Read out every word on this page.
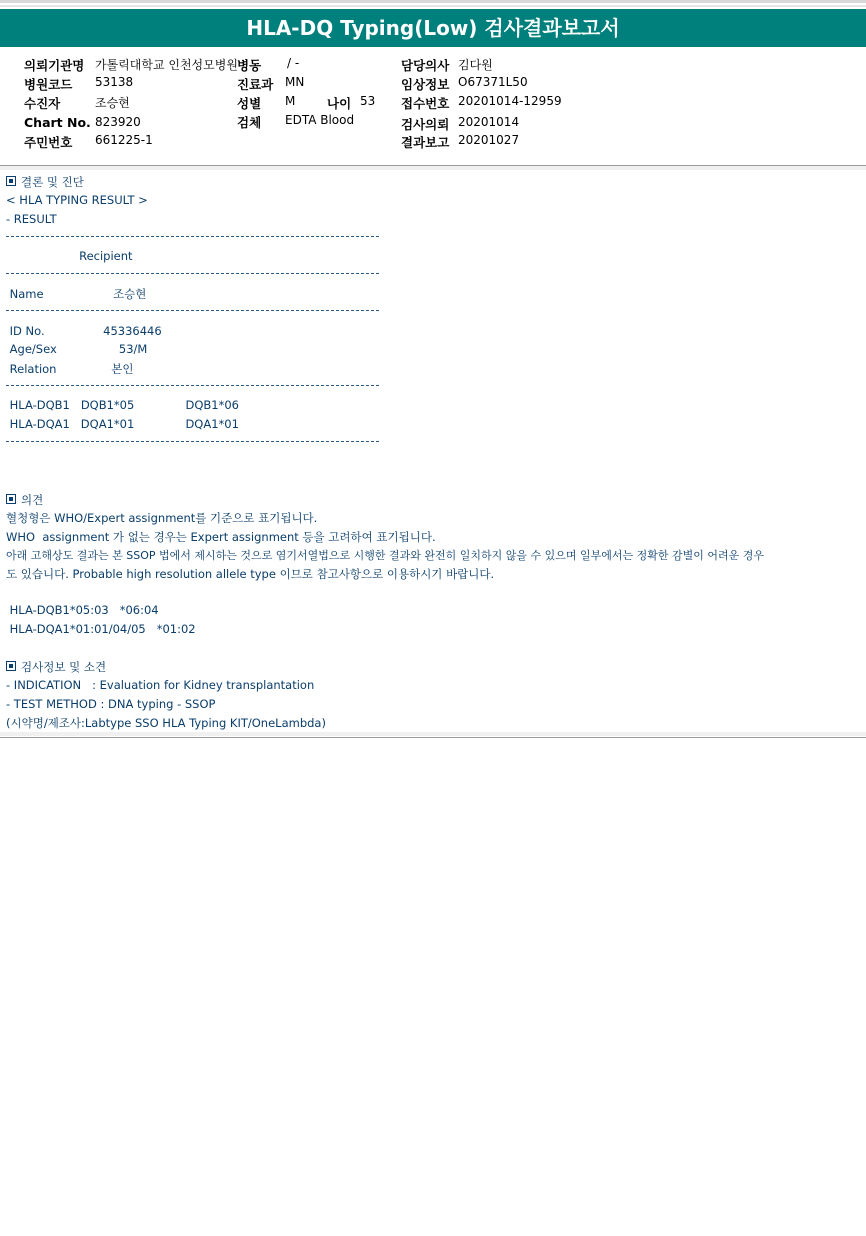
HLA-DQ Typing(Low) 검사결과보고서
의뢰기관명 가톨릭대학교 인천성모병원 병동 / -	담당의사 김다원
병원코드 53138	진료과 MN	임상정보 O67371L50
수진자	조승현	성별 M	나이 53 접수번호 20201014-12959
Chart No. 823920	검체 EDTA Blood	검사의뢰 20201014
주민번호 661225-1	결과보고 20201027
결론 및 진단
< HLA TYPING RESULT >
- RESULT
Recipient
Name                   조승현
ID No.                45336446
Age/Sex                 53/M
Relation               본인
HLA-DQB1   DQB1*05              DQB1*06
HLA-DQA1   DQA1*01              DQA1*01
의견
혈청형은 WHO/Expert assignment를 기준으로 표기됩니다.
WHO  assignment 가 없는 경우는 Expert assignment 등을 고려하여 표기됩니다.
아래 고해상도 결과는 본 SSOP 법에서 제시하는 것으로 염기서열법으로 시행한 결과와 완전히 일치하지 않을 수 있으며 일부에서는 정확한 감별이 어려운 경우
도 있습니다. Probable high resolution allele type 이므로 참고사항으로 이용하시기 바랍니다.
HLA-DQB1*05:03   *06:04
HLA-DQA1*01:01/04/05   *01:02
검사정보 및 소견
- INDICATION   : Evaluation for Kidney transplantation
- TEST METHOD : DNA typing - SSOP
(시약명/제조사:Labtype SSO HLA Typing KIT/OneLambda)
